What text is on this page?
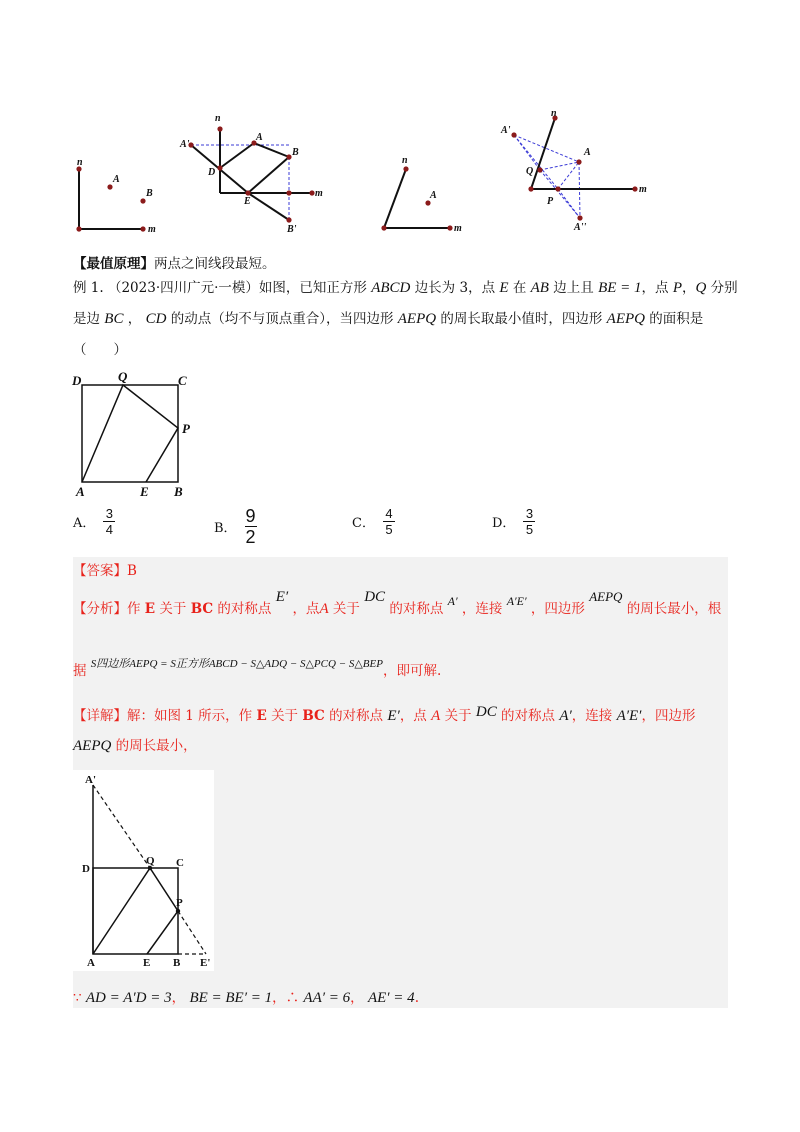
n
m
A
B
n
m
A
A'
B
B'
D
E
n
m
A
n
m
A
A'
A''
Q
P
【最值原理】两点之间线段最短。
例 1. （2023·四川广元·一模）如图，已知正方形 ABCD 边长为 3，点 E 在 AB 边上且 BE = 1，点 P，Q 分别
是边 BC ， CD 的动点（均不与顶点重合），当四边形 AEPQ 的周长取最小值时，四边形 AEPQ 的面积是
（　　）
D	Q	C
P
A	E B
A． $\frac{3}{4}$	B． $\frac{9}{2}$	C． $\frac{4}{5}$	D． $\frac{3}{5}$
【答案】B
【分析】作 E 关于 BC 的对称点 E′ ，点A 关于 DC 的对称点 A′ ，连接 A′E′ ，四边形 AEPQ 的周长最小，根
据 $^{S四边形AEPQ = S正方形ABCD - S\triangle ADQ - S\triangle PCQ - S\triangle BEP}$，即可解.
【详解】解：如图 1 所示，作 E 关于 BC 的对称点 E′，点 A 关于 DC 的对称点 A′，连接 A′E′，四边形
AEPQ 的周长最小，
A'
D
Q C
P
A	E B E'
∵ AD = A′D = 3， BE = BE′ = 1，∴ AA′ = 6， AE′ = 4.
